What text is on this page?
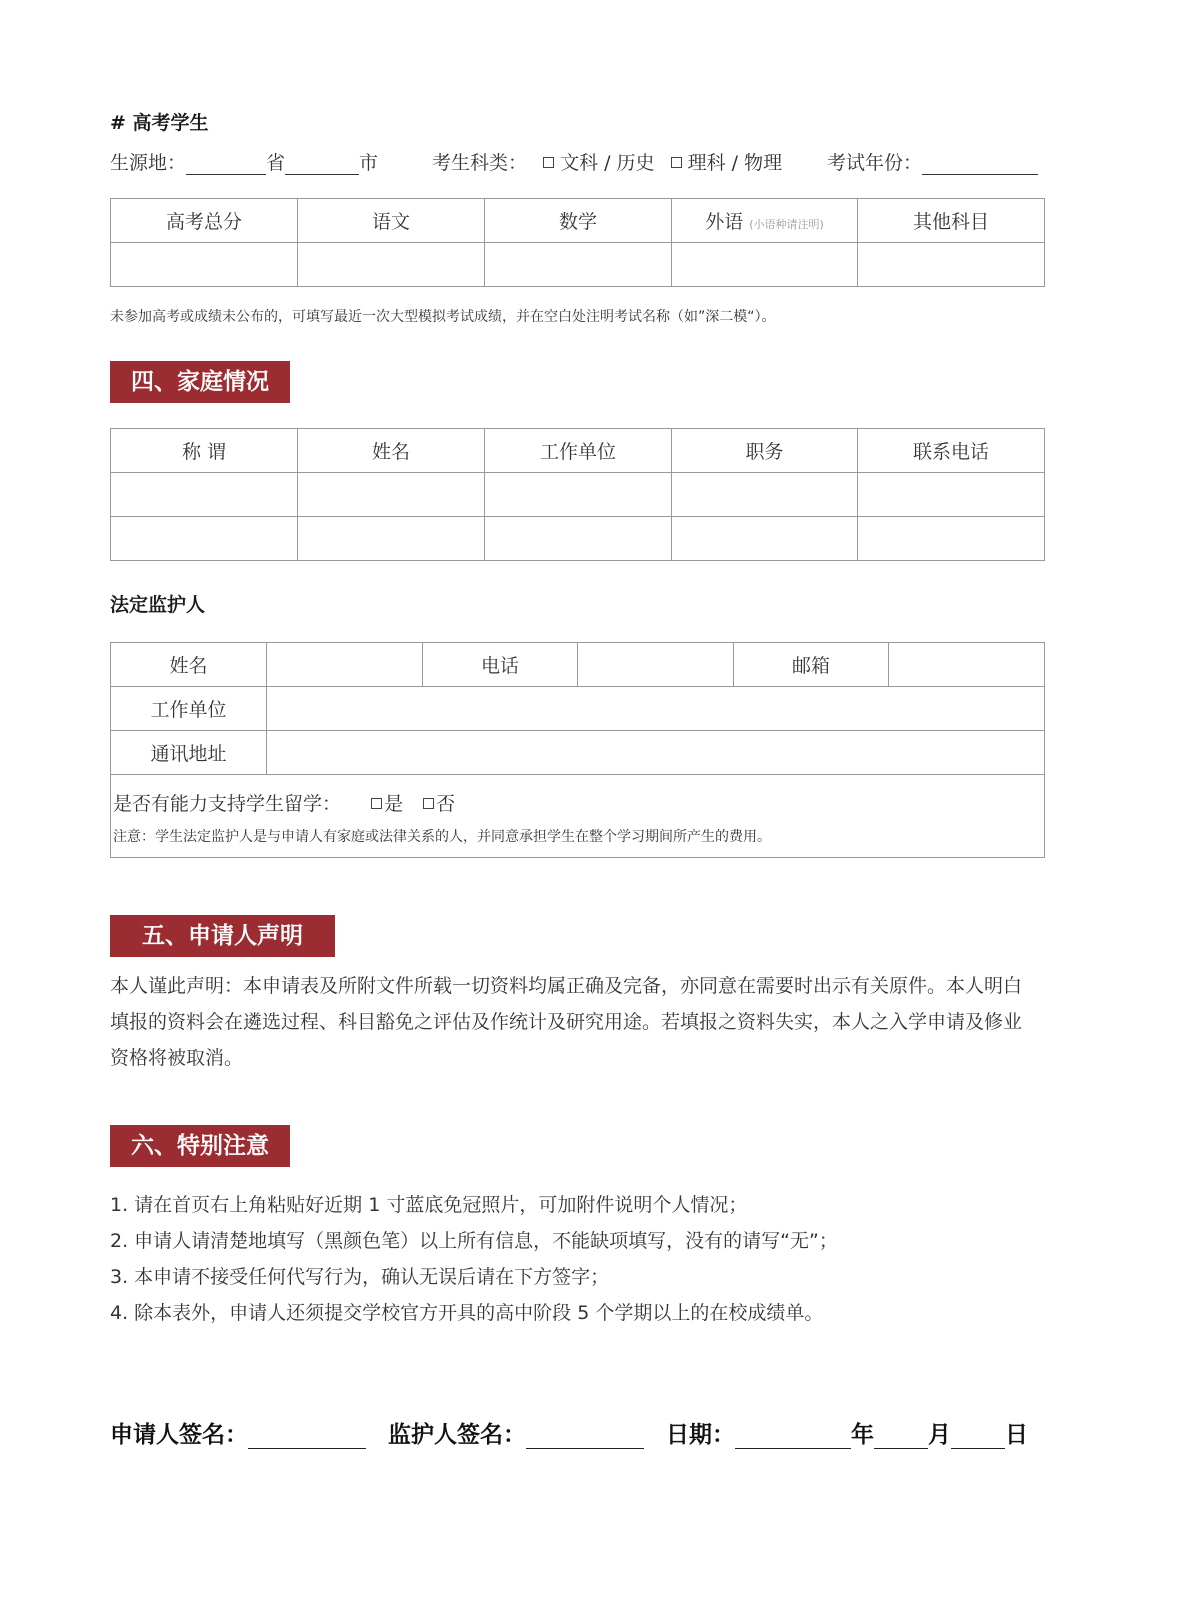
# 高考学生
生源地：	省	市	考生科类： 文科 / 历史 理科 / 物理 考试年份：
高考总分	语文	数学	外语 (小语种请注明)	其他科目

未参加高考或成绩未公布的，可填写最近一次大型模拟考试成绩，并在空白处注明考试名称（如”深二模“）。
四、家庭情况
称 谓	姓名	工作单位	职务	联系电话

法定监护人
姓名		电话		邮箱	
工作单位					
通讯地址					

是否有能力支持学生留学： 是 否
注意：学生法定监护人是与申请人有家庭或法律关系的人，并同意承担学生在整个学习期间所产生的费用。					
五、申请人声明
本人谨此声明：本申请表及所附文件所载一切资料均属正确及完备，亦同意在需要时出示有关原件。本人明白
填报的资料会在遴选过程、科目豁免之评估及作统计及研究用途。若填报之资料失实，本人之入学申请及修业
资格将被取消。
六、特别注意
1. 请在首页右上角粘贴好近期 1 寸蓝底免冠照片，可加附件说明个人情况；
2. 申请人请清楚地填写（黑颜色笔）以上所有信息，不能缺项填写，没有的请写“无”；
3. 本申请不接受任何代写行为，确认无误后请在下方签字；
4. 除本表外，申请人还须提交学校官方开具的高中阶段 5 个学期以上的在校成绩单。
申请人签名：	监护人签名：	日期：	年 月 日
